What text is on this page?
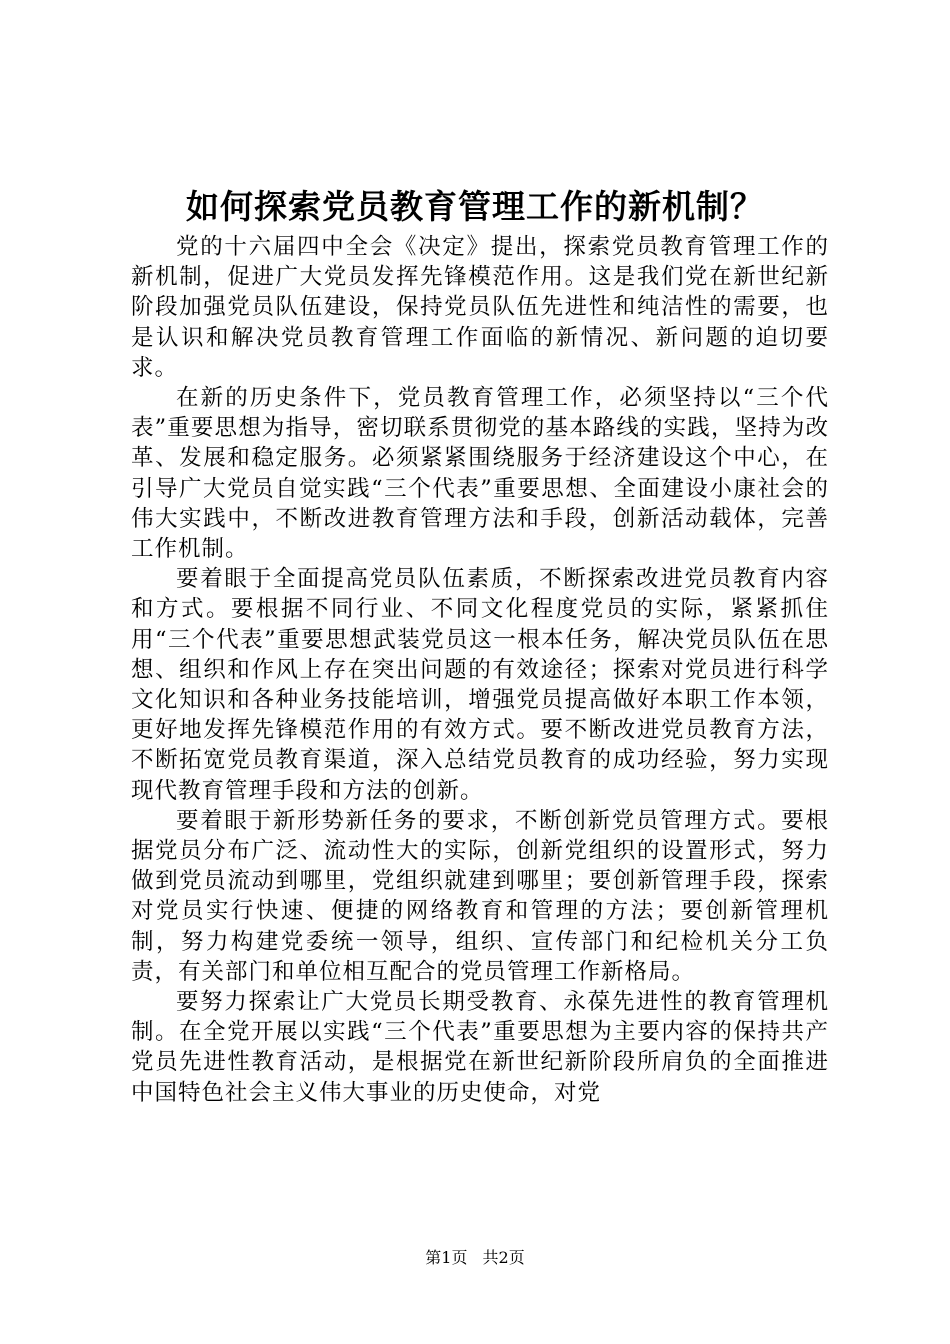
如何探索党员教育管理工作的新机制？

党的十六届四中全会《决定》提出，探索党员教育管理工作的新机制，促进广大党员发挥先锋模范作用。这是我们党在新世纪新阶段加强党员队伍建设，保持党员队伍先进性和纯洁性的需要，也是认识和解决党员教育管理工作面临的新情况、新问题的迫切要求。

在新的历史条件下，党员教育管理工作，必须坚持以“三个代表”重要思想为指导，密切联系贯彻党的基本路线的实践，坚持为改革、发展和稳定服务。必须紧紧围绕服务于经济建设这个中心，在引导广大党员自觉实践“三个代表”重要思想、全面建设小康社会的伟大实践中，不断改进教育管理方法和手段，创新活动载体，完善工作机制。

要着眼于全面提高党员队伍素质，不断探索改进党员教育内容和方式。要根据不同行业、不同文化程度党员的实际，紧紧抓住用“三个代表”重要思想武装党员这一根本任务，解决党员队伍在思想、组织和作风上存在突出问题的有效途径；探索对党员进行科学文化知识和各种业务技能培训，增强党员提高做好本职工作本领，更好地发挥先锋模范作用的有效方式。要不断改进党员教育方法，不断拓宽党员教育渠道，深入总结党员教育的成功经验，努力实现现代教育管理手段和方法的创新。

要着眼于新形势新任务的要求，不断创新党员管理方式。要根据党员分布广泛、流动性大的实际，创新党组织的设置形式，努力做到党员流动到哪里，党组织就建到哪里；要创新管理手段，探索对党员实行快速、便捷的网络教育和管理的方法；要创新管理机制，努力构建党委统一领导，组织、宣传部门和纪检机关分工负责，有关部门和单位相互配合的党员管理工作新格局。

要努力探索让广大党员长期受教育、永葆先进性的教育管理机制。在全党开展以实践“三个代表”重要思想为主要内容的保持共产党员先进性教育活动，是根据党在新世纪新阶段所肩负的全面推进中国特色社会主义伟大事业的历史使命，对党

第1页 共2页
